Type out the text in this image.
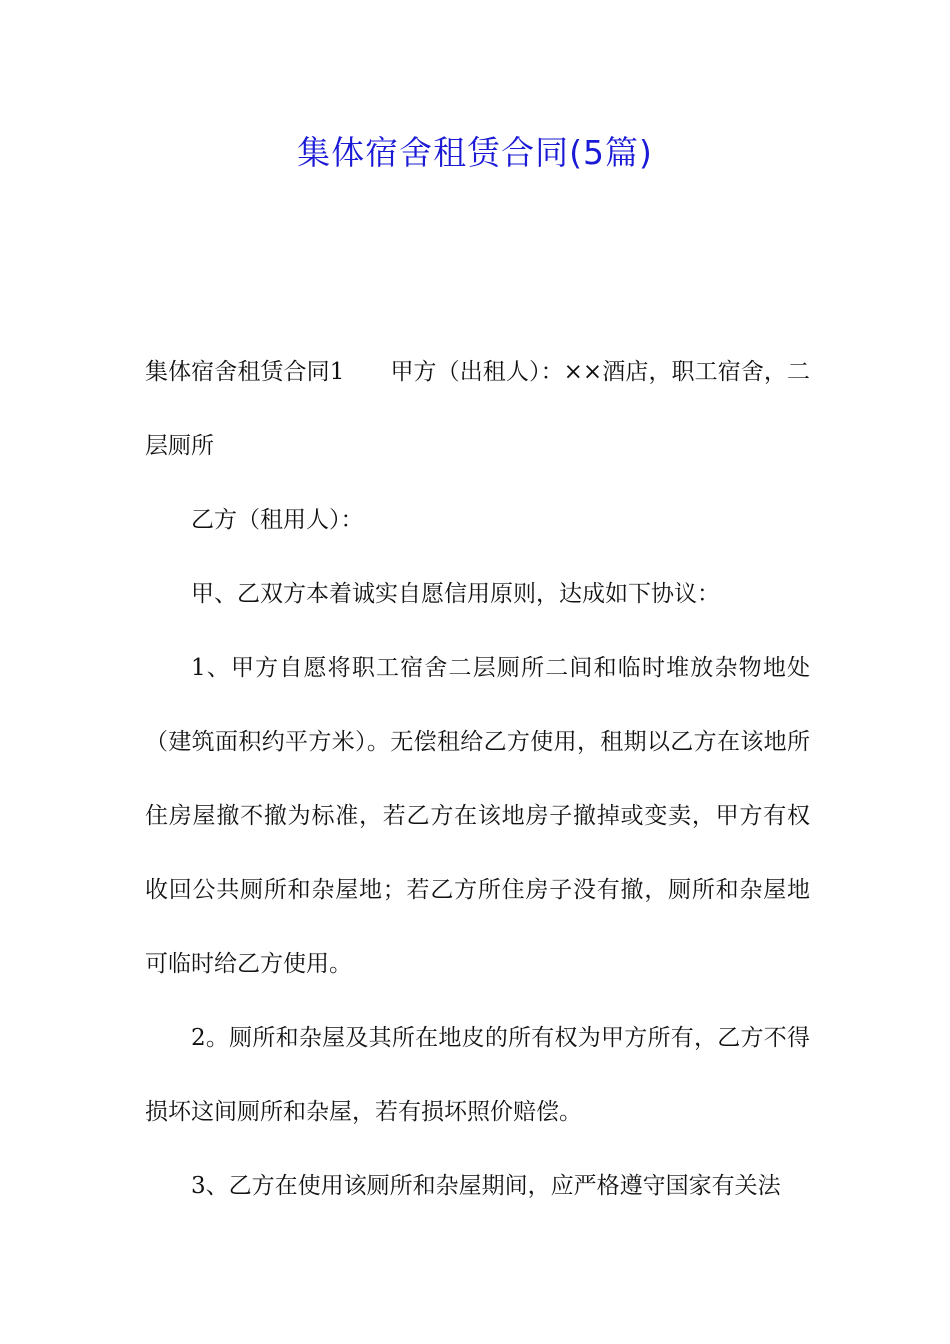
集体宿舍租赁合同(5篇)

集体宿舍租赁合同1 甲方（出租人）：××酒店，职工宿舍，二层厕所

乙方（租用人）：

甲、乙双方本着诚实自愿信用原则，达成如下协议：

1、甲方自愿将职工宿舍二层厕所二间和临时堆放杂物地处（建筑面积约平方米）。无偿租给乙方使用，租期以乙方在该地所住房屋撤不撤为标准，若乙方在该地房子撤掉或变卖，甲方有权收回公共厕所和杂屋地；若乙方所住房子没有撤，厕所和杂屋地可临时给乙方使用。

2。厕所和杂屋及其所在地皮的所有权为甲方所有，乙方不得损坏这间厕所和杂屋，若有损坏照价赔偿。

3、乙方在使用该厕所和杂屋期间，应严格遵守国家有关法
